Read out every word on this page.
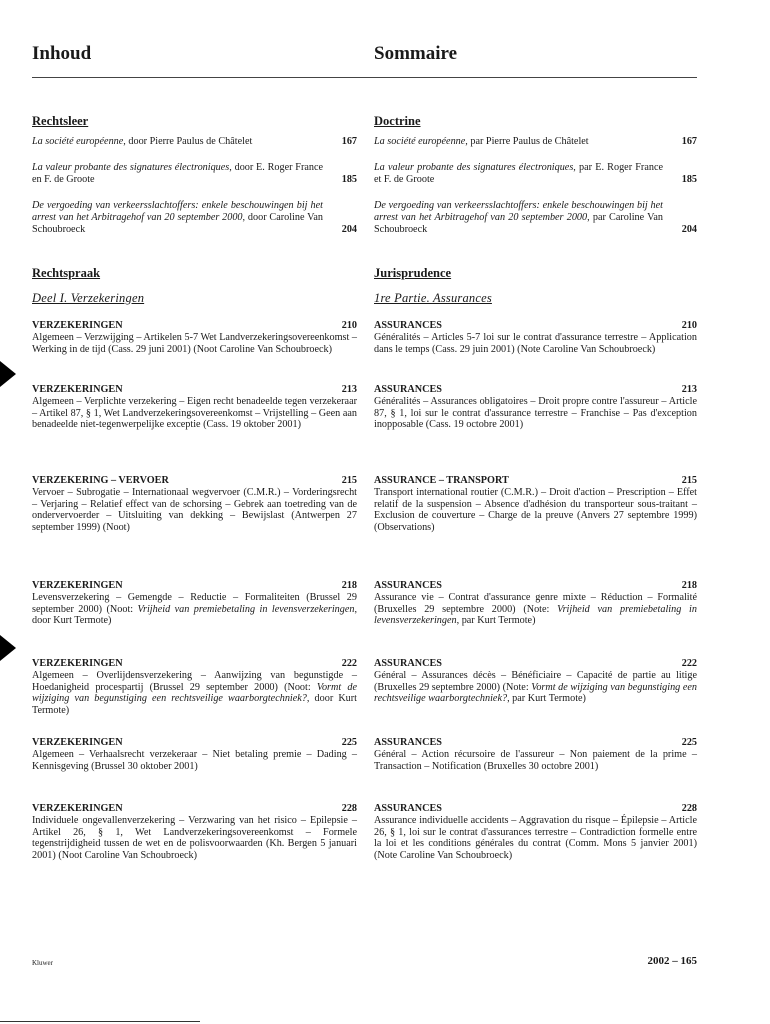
Inhoud	Sommaire
Rechtsleer
La société européenne, door Pierre Paulus de Châtelet	167
La valeur probante des signatures électroniques, door E. Roger France en F. de Groote	185
De vergoeding van verkeersslachtoffers: enkele beschouwingen bij het arrest van het Arbitragehof van 20 september 2000, door Caroline Van Schoubroeck	204
Rechtspraak
Deel I. Verzekeringen
VERZEKERINGEN	210
Algemeen – Verzwijging – Artikelen 5-7 Wet Landverzekeringsovereenkomst – Werking in de tijd (Cass. 29 juni 2001) (Noot Caroline Van Schoubroeck)
VERZEKERINGEN	213
Algemeen – Verplichte verzekering – Eigen recht benadeelde tegen verzekeraar – Artikel 87, § 1, Wet Landverzekeringsovereenkomst – Vrijstelling – Geen aan benadeelde niet-tegenwerpelijke exceptie (Cass. 19 oktober 2001)
VERZEKERING – VERVOER	215
Vervoer – Subrogatie – Internationaal wegvervoer (C.M.R.) – Vorderingsrecht – Verjaring – Relatief effect van de schorsing – Gebrek aan toetreding van de ondervervoerder – Uitsluiting van dekking – Bewijslast (Antwerpen 27 september 1999) (Noot)
VERZEKERINGEN	218
Levensverzekering – Gemengde – Reductie – Formaliteiten (Brussel 29 september 2000) (Noot: Vrijheid van premiebetaling in levensverzekeringen, door Kurt Termote)
VERZEKERINGEN	222
Algemeen – Overlijdensverzekering – Aanwijzing van begunstigde – Hoedanigheid procespartij (Brussel 29 september 2000) (Noot: Vormt de wijziging van begunstiging een rechtsveilige waarborgtechniek?, door Kurt Termote)
VERZEKERINGEN	225
Algemeen – Verhaalsrecht verzekeraar – Niet betaling premie – Dading – Kennisgeving (Brussel 30 oktober 2001)
VERZEKERINGEN	228
Individuele ongevallenverzekering – Verzwaring van het risico – Epilepsie – Artikel 26, § 1, Wet Landverzekeringsovereenkomst – Formele tegenstrijdigheid tussen de wet en de polisvoorwaarden (Kh. Bergen 5 januari 2001) (Noot Caroline Van Schoubroeck)
Doctrine
La société européenne, par Pierre Paulus de Châtelet	167
La valeur probante des signatures électroniques, par E. Roger France et F. de Groote	185
De vergoeding van verkeersslachtoffers: enkele beschouwingen bij het arrest van het Arbitragehof van 20 september 2000, par Caroline Van Schoubroeck	204
Jurisprudence
1re Partie. Assurances
ASSURANCES	210
Généralités – Articles 5-7 loi sur le contrat d'assurance terrestre – Application dans le temps (Cass. 29 juin 2001) (Note Caroline Van Schoubroeck)
ASSURANCES	213
Généralités – Assurances obligatoires – Droit propre contre l'assureur – Article 87, § 1, loi sur le contrat d'assurance terrestre – Franchise – Pas d'exception inopposable (Cass. 19 octobre 2001)
ASSURANCE – TRANSPORT	215
Transport international routier (C.M.R.) – Droit d'action – Prescription – Effet relatif de la suspension – Absence d'adhésion du transporteur sous-traitant – Exclusion de couverture – Charge de la preuve (Anvers 27 septembre 1999) (Observations)
ASSURANCES	218
Assurance vie – Contrat d'assurance genre mixte – Réduction – Formalité (Bruxelles 29 septembre 2000) (Note: Vrijheid van premiebetaling in levensverzekeringen, par Kurt Termote)
ASSURANCES	222
Général – Assurances décès – Bénéficiaire – Capacité de partie au litige (Bruxelles 29 septembre 2000) (Note: Vormt de wijziging van begunstiging een rechtsveilige waarborgtechniek?, par Kurt Termote)
ASSURANCES	225
Général – Action récursoire de l'assureur – Non paiement de la prime – Transaction – Notification (Bruxelles 30 octobre 2001)
ASSURANCES	228
Assurance individuelle accidents – Aggravation du risque – Épilepsie – Article 26, § 1, loi sur le contrat d'assurances terrestre – Contradiction formelle entre la loi et les conditions générales du contrat (Comm. Mons 5 janvier 2001) (Note Caroline Van Schoubroeck)
Kluwer	2002 – 165
